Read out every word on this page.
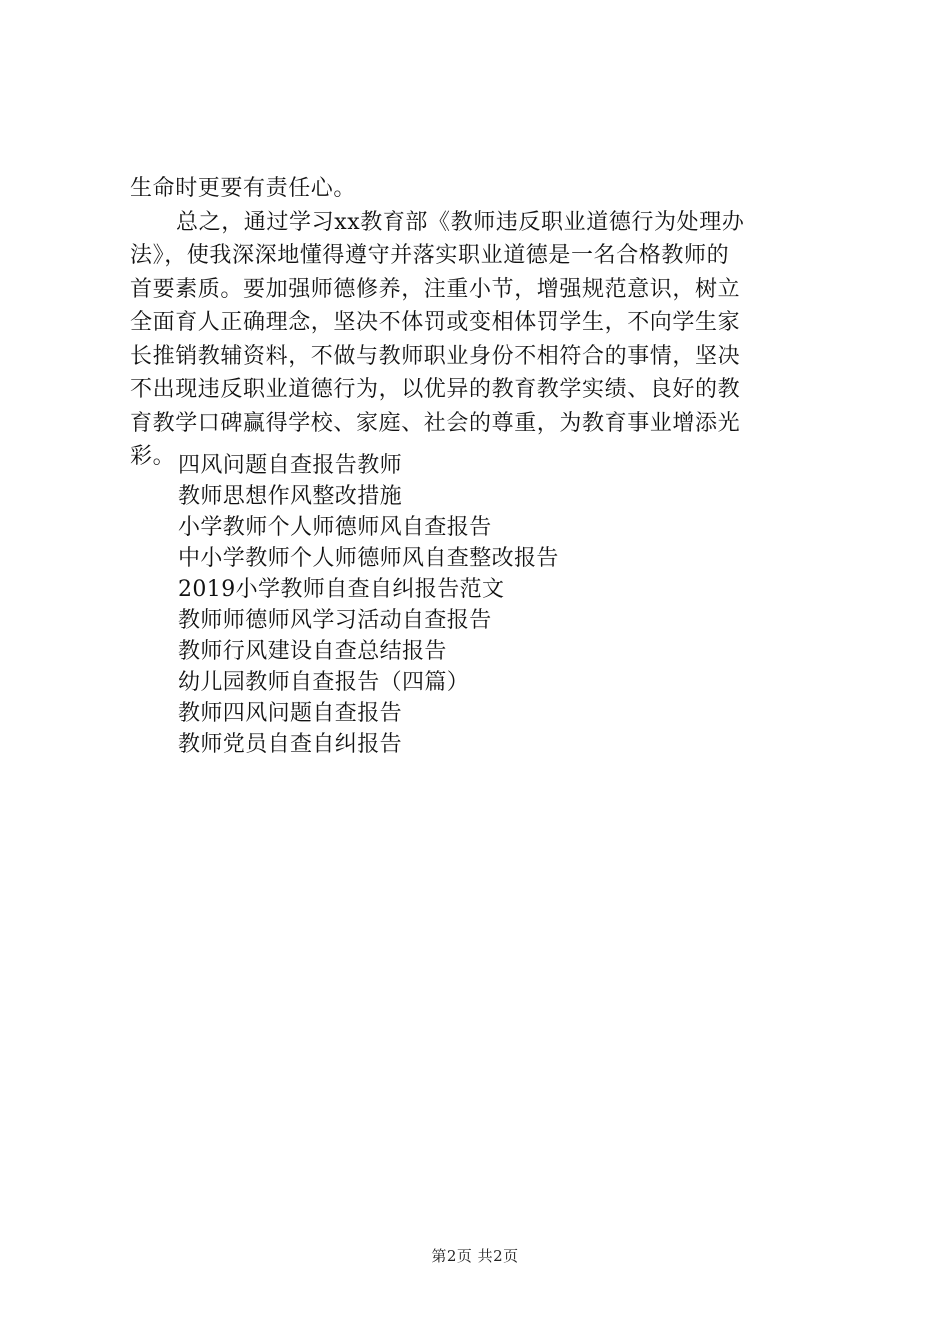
生命时更要有责任心。
总之，通过学习xx教育部《教师违反职业道德行为处理办
法》，使我深深地懂得遵守并落实职业道德是一名合格教师的
首要素质。要加强师德修养，注重小节，增强规范意识，树立
全面育人正确理念，坚决不体罚或变相体罚学生，不向学生家
长推销教辅资料，不做与教师职业身份不相符合的事情，坚决
不出现违反职业道德行为，以优异的教育教学实绩、良好的教
育教学口碑赢得学校、家庭、社会的尊重，为教育事业增添光
彩。 四风问题自查报告教师
教师思想作风整改措施
小学教师个人师德师风自查报告
中小学教师个人师德师风自查整改报告
2019小学教师自查自纠报告范文
教师师德师风学习活动自查报告
教师行风建设自查总结报告
幼儿园教师自查报告（四篇）
教师四风问题自查报告
教师党员自查自纠报告
第2页 共2页
